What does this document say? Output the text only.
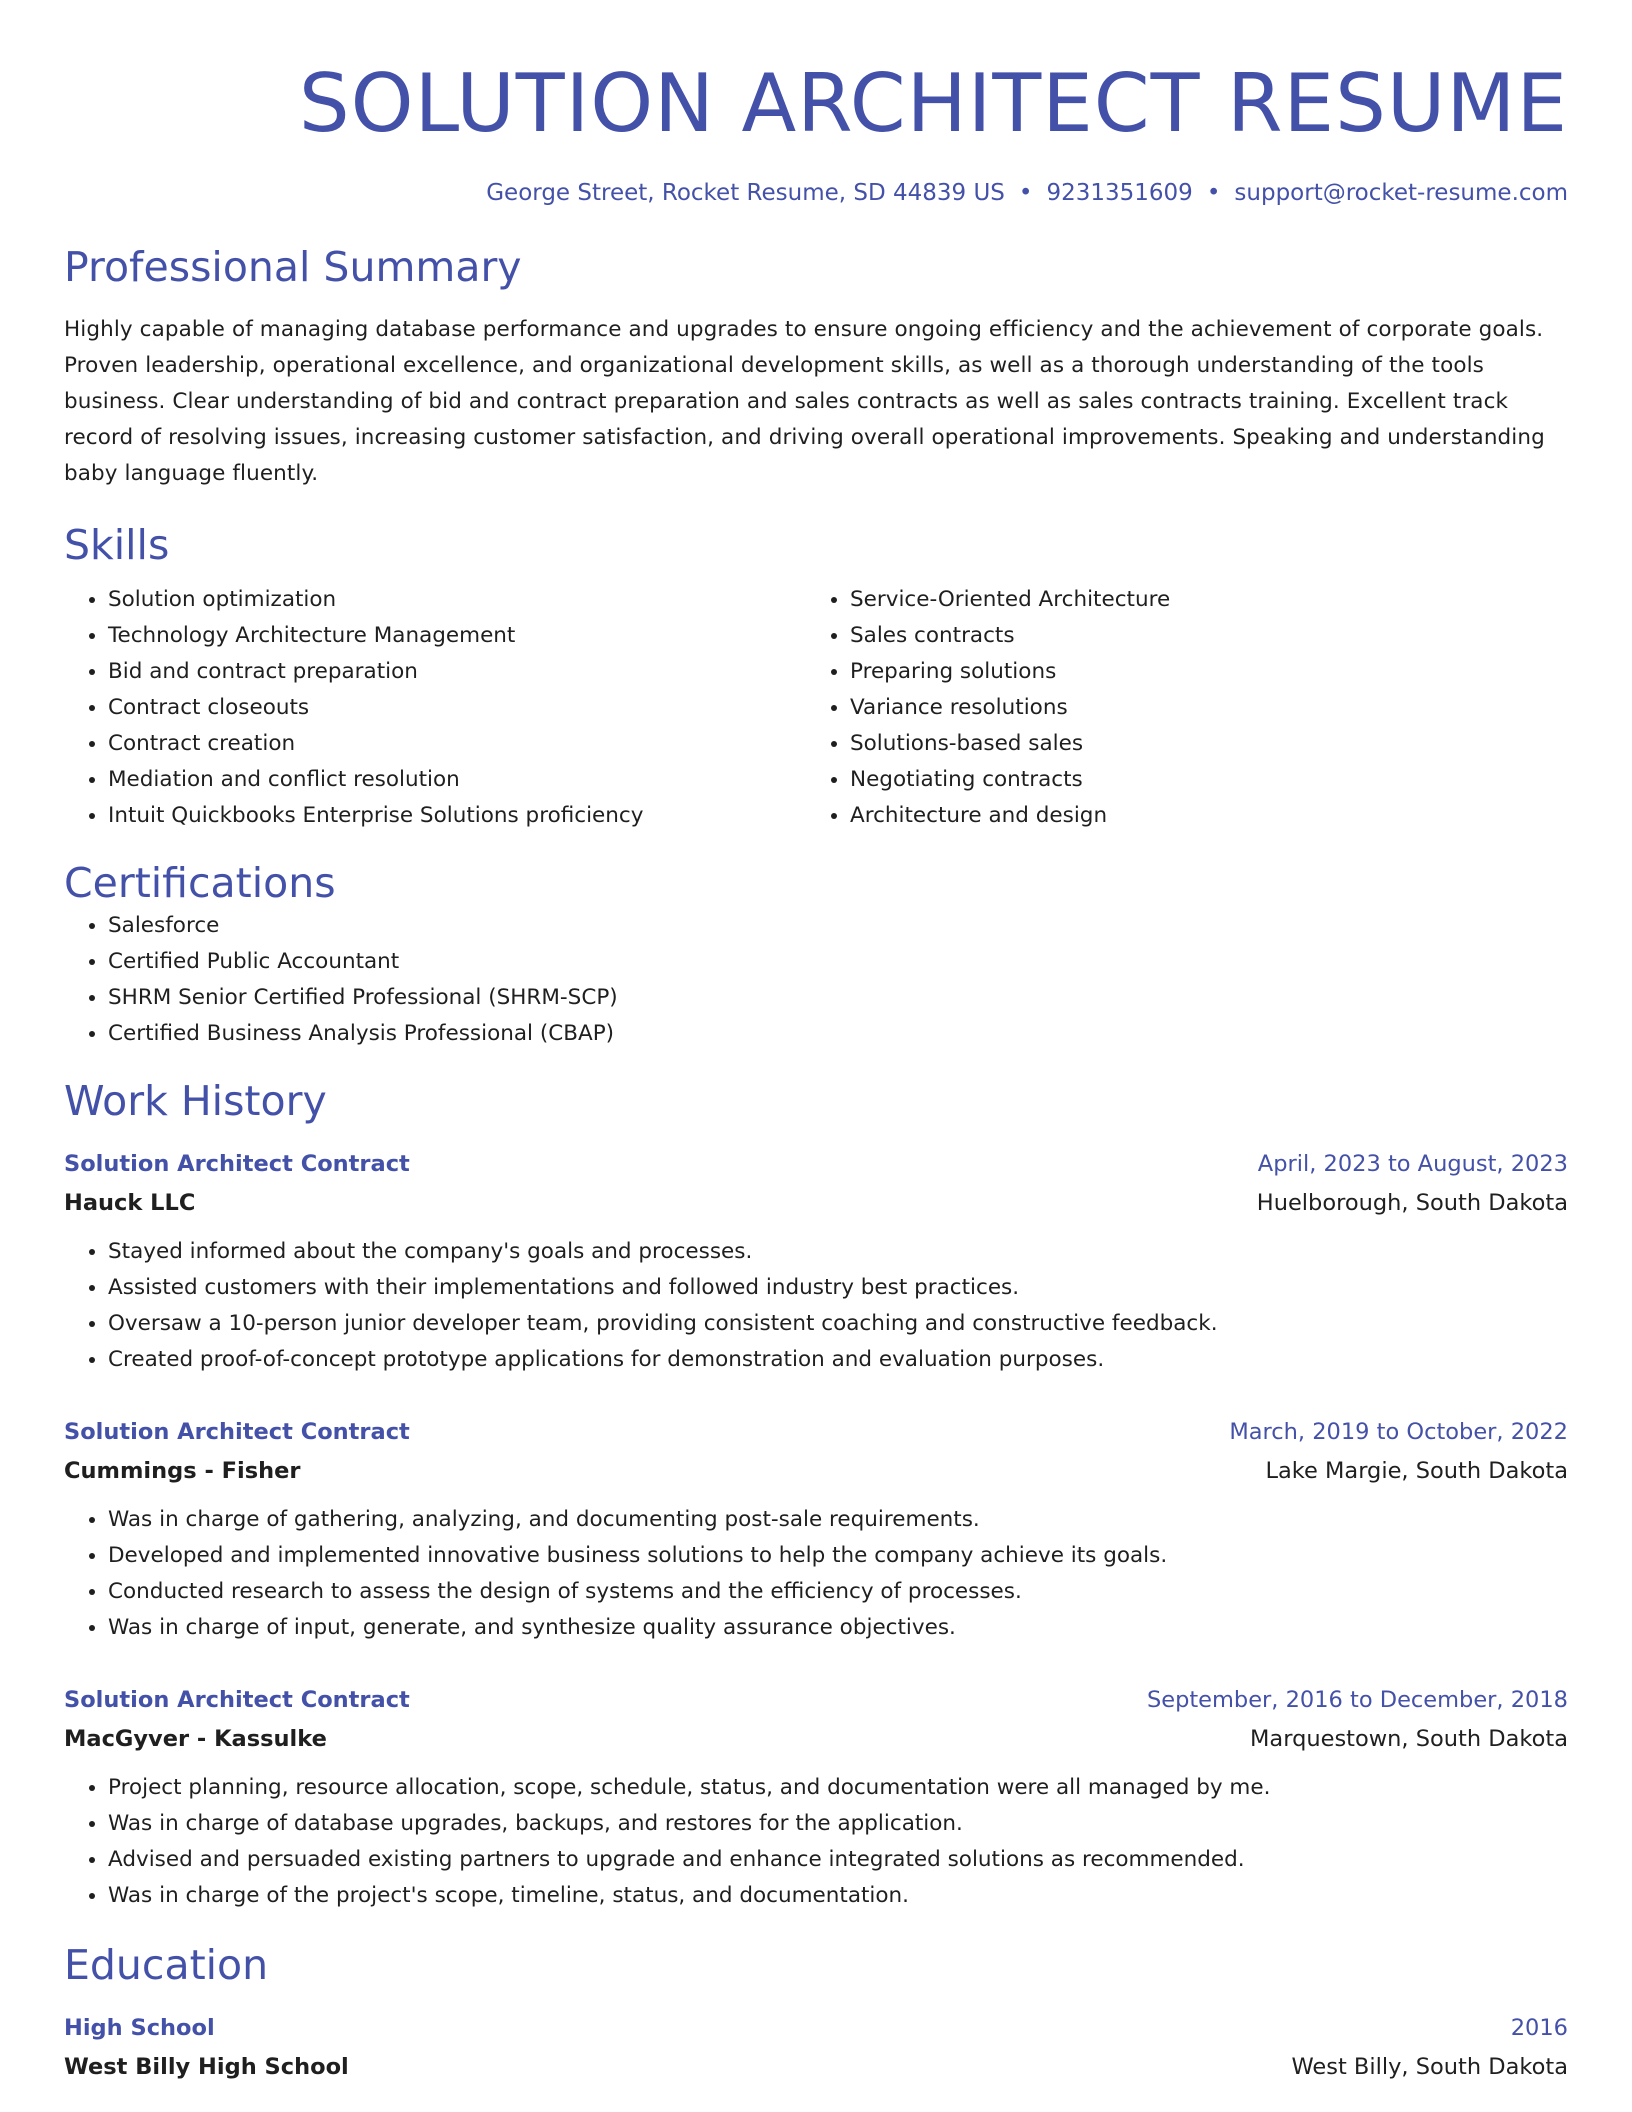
SOLUTION ARCHITECT RESUME
George Street, Rocket Resume, SD 44839 US • 9231351609 • support@rocket-resume.com
Professional Summary

Highly capable of managing database performance and upgrades to ensure ongoing efficiency and the achievement of corporate goals. Proven leadership, operational excellence, and organizational development skills, as well as a thorough understanding of the tools business. Clear understanding of bid and contract preparation and sales contracts as well as sales contracts training. Excellent track record of resolving issues, increasing customer satisfaction, and driving overall operational improvements. Speaking and understanding baby language fluently.

Skills
• Solution optimization
• Technology Architecture Management
• Bid and contract preparation
• Contract closeouts
• Contract creation
• Mediation and conflict resolution
• Intuit Quickbooks Enterprise Solutions proficiency
• Service-Oriented Architecture
• Sales contracts
• Preparing solutions
• Variance resolutions
• Solutions-based sales
• Negotiating contracts
• Architecture and design
Certifications
• Salesforce
• Certified Public Accountant
• SHRM Senior Certified Professional (SHRM-SCP)
• Certified Business Analysis Professional (CBAP)
Work History
Solution Architect Contract	April, 2023 to August, 2023
Hauck LLC	Huelborough, South Dakota
• Stayed informed about the company's goals and processes.
• Assisted customers with their implementations and followed industry best practices.
• Oversaw a 10-person junior developer team, providing consistent coaching and constructive feedback.
• Created proof-of-concept prototype applications for demonstration and evaluation purposes.
Solution Architect Contract	March, 2019 to October, 2022
Cummings - Fisher	Lake Margie, South Dakota
• Was in charge of gathering, analyzing, and documenting post-sale requirements.
• Developed and implemented innovative business solutions to help the company achieve its goals.
• Conducted research to assess the design of systems and the efficiency of processes.
• Was in charge of input, generate, and synthesize quality assurance objectives.
Solution Architect Contract	September, 2016 to December, 2018
MacGyver - Kassulke	Marquestown, South Dakota
• Project planning, resource allocation, scope, schedule, status, and documentation were all managed by me.
• Was in charge of database upgrades, backups, and restores for the application.
• Advised and persuaded existing partners to upgrade and enhance integrated solutions as recommended.
• Was in charge of the project's scope, timeline, status, and documentation.
Education
High School	2016
West Billy High School	West Billy, South Dakota
